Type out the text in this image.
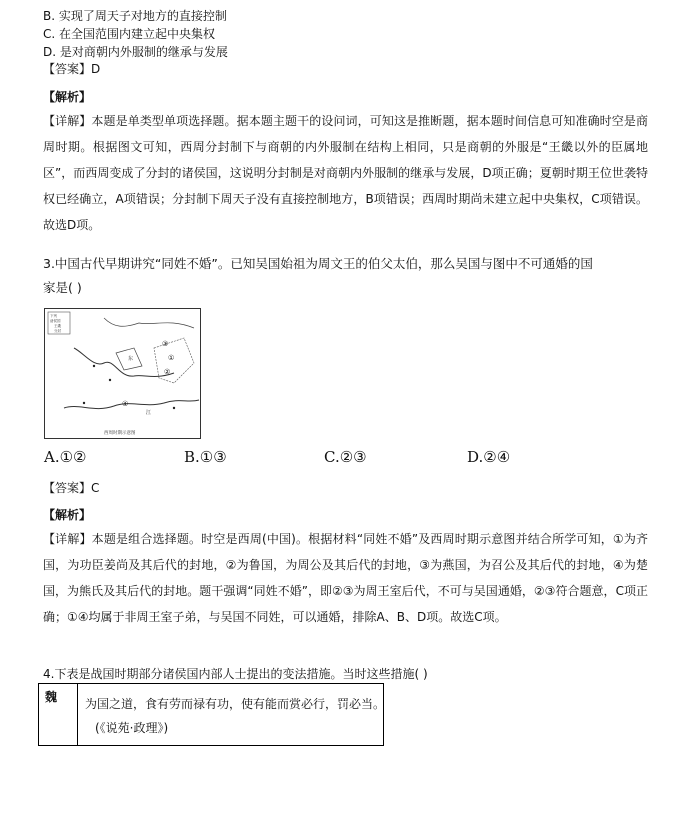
B. 实现了周天子对地方的直接控制
C. 在全国范围内建立起中央集权
D. 是对商朝内外服制的继承与发展
【答案】D
【解析】
【详解】本题是单类型单项选择题。据本题主题干的设问词，可知这是推断题，据本题时间信息可知准确时空是商周时期。根据图文可知，西周分封制下与商朝的内外服制在结构上相同，只是商朝的外服是“王畿以外的臣属地区”，而西周变成了分封的诸侯国，这说明分封制是对商朝内外服制的继承与发展，D项正确；夏朝时期王位世袭特权已经确立，A项错误；分封制下周天子没有直接控制地方，B项错误；西周时期尚未建立起中央集权，C项错误。故选D项。
3.中国古代早期讲究“同姓不婚”。已知吴国始祖为周文王的伯父太伯，那么吴国与图中不可通婚的国
家是( )
下列
诸侯国
王畿
分封
③
①
②
④
东
江
西周时期示意图
A.①②	B.①③	C.②③	D.②④
【答案】C
【解析】
【详解】本题是组合选择题。时空是西周(中国)。根据材料“同姓不婚”及西周时期示意图并结合所学可知，①为齐国，为功臣姜尚及其后代的封地，②为鲁国，为周公及其后代的封地，③为燕国，为召公及其后代的封地，④为楚国，为熊氏及其后代的封地。题干强调“同姓不婚”，即②③为周王室后代，不可与吴国通婚，②③符合题意，C项正确；①④均属于非周王室子弟，与吴国不同姓，可以通婚，排除A、B、D项。故选C项。
4.下表是战国时期部分诸侯国内部人士提出的变法措施。当时这些措施( )
魏 为国之道，食有劳而禄有功，使有能而赏必行，罚必当。
(《说苑·政理》)
